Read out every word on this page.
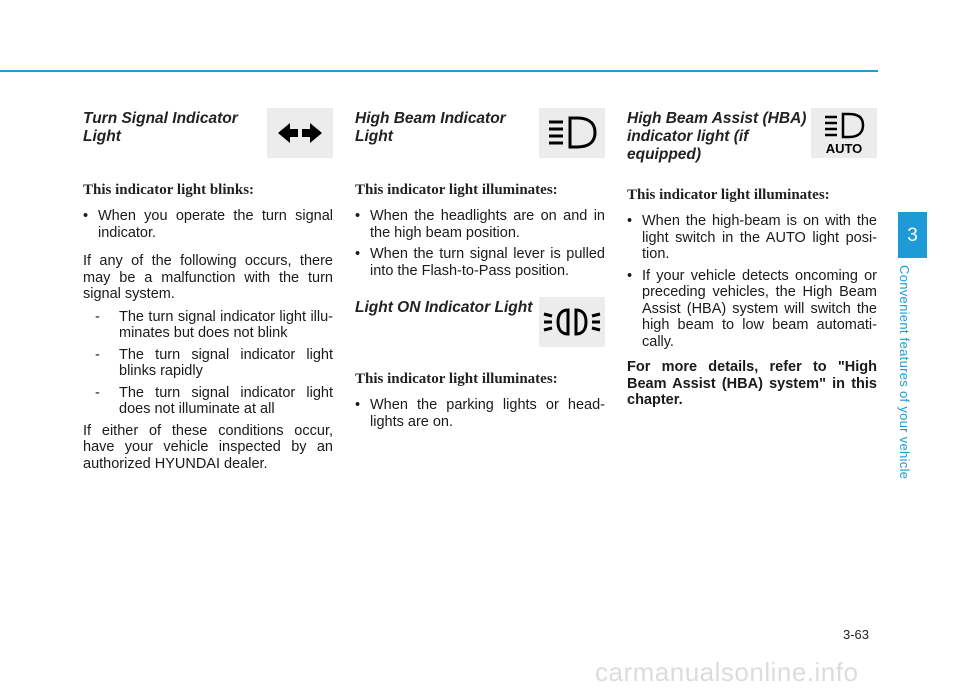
Turn Signal Indicator Light
This indicator light blinks:
• When you operate the turn signal indicator.
If any of the following occurs, there may be a malfunction with the turn signal system.
- The turn signal indicator light illu-minates but does not blink
- The turn signal indicator light blinks rapidly
- The turn signal indicator light does not illuminate at all
If either of these conditions occur, have your vehicle inspected by an authorized HYUNDAI dealer.
High Beam Indicator Light
This indicator light illuminates:
• When the headlights are on and in the high beam position.
• When the turn signal lever is pulled into the Flash-to-Pass position.
Light ON Indicator Light
This indicator light illuminates:
• When the parking lights or head-lights are on.
High Beam Assist (HBA) indicator light (if equipped)	AUTO
This indicator light illuminates:
• When the high-beam is on with the light switch in the AUTO light posi-tion.
• If your vehicle detects oncoming or preceding vehicles, the High Beam Assist (HBA) system will switch the high beam to low beam automati-cally.
For more details, refer to "High Beam Assist (HBA) system" in this chapter.
3
Convenient features of your vehicle
3-63
carmanualsonline.info
